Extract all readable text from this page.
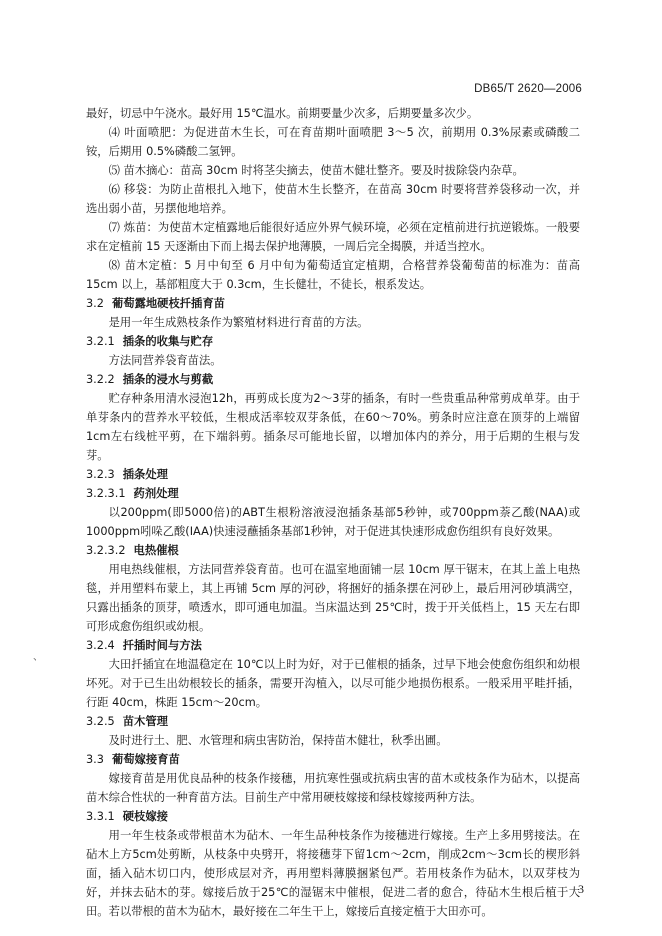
DB65/T 2620—2006
、

最好，切忌中午浇水。最好用 15℃温水。前期要量少次多，后期要量多次少。

⑷ 叶面喷肥：为促进苗木生长，可在育苗期叶面喷肥 3～5 次，前期用 0.3%尿素或磷酸二铵，后期用 0.5%磷酸二氢钾。

⑸ 苗木摘心：苗高 30cm 时将茎尖摘去，使苗木健壮整齐。要及时拔除袋内杂草。

⑹ 移袋：为防止苗根扎入地下，使苗木生长整齐，在苗高 30cm 时要将营养袋移动一次，并选出弱小苗，另摆他地培养。

⑺ 炼苗：为使苗木定植露地后能很好适应外界气候环境，必须在定植前进行抗逆锻炼。一般要求在定植前 15 天逐渐由下而上揭去保护地薄膜，一周后完全揭膜，并适当控水。

⑻ 苗木定植：5 月中旬至 6 月中旬为葡萄适宜定植期，合格营养袋葡萄苗的标准为：苗高 15cm 以上，基部粗度大于 0.3cm，生长健壮，不徒长，根系发达。

3.2 葡萄露地硬枝扦插育苗

是用一年生成熟枝条作为繁殖材料进行育苗的方法。

3.2.1 插条的收集与贮存

方法同营养袋育苗法。

3.2.2 插条的浸水与剪截

贮存种条用清水浸泡12h，再剪成长度为2～3芽的插条，有时一些贵重品种常剪成单芽。由于单芽条内的营养水平较低，生根成活率较双芽条低，在60～70%。剪条时应注意在顶芽的上端留1cm左右线桩平剪，在下端斜剪。插条尽可能地长留，以增加体内的养分，用于后期的生根与发芽。

3.2.3 插条处理
3.2.3.1 药剂处理

以200ppm(即5000倍)的ABT生根粉溶液浸泡插条基部5秒钟，或700ppm萘乙酸(NAA)或1000ppm吲哚乙酸(IAA)快速浸蘸插条基部1秒钟，对于促进其快速形成愈伤组织有良好效果。

3.2.3.2 电热催根

用电热线催根，方法同营养袋育苗。也可在温室地面铺一层 10cm 厚干锯末，在其上盖上电热毯，并用塑料布蒙上，其上再铺 5cm 厚的河砂，将捆好的插条摆在河砂上，最后用河砂填满空，只露出插条的顶芽，喷透水，即可通电加温。当床温达到 25℃时，拨于开关低档上，15 天左右即可形成愈伤组织或幼根。

3.2.4 扦插时间与方法

大田扦插宜在地温稳定在 10℃以上时为好，对于已催根的插条，过早下地会使愈伤组织和幼根坏死。对于已生出幼根较长的插条，需要开沟植入，以尽可能少地损伤根系。一般采用平畦扦插，行距 40cm，株距 15cm～20cm。

3.2.5 苗木管理

及时进行土、肥、水管理和病虫害防治，保持苗木健壮，秋季出圃。

3.3 葡萄嫁接育苗

嫁接育苗是用优良品种的枝条作接穗，用抗寒性强或抗病虫害的苗木或枝条作为砧木，以提高苗木综合性状的一种育苗方法。目前生产中常用硬枝嫁接和绿枝嫁接两种方法。

3.3.1 硬枝嫁接

用一年生枝条或带根苗木为砧木、一年生品种枝条作为接穗进行嫁接。生产上多用劈接法。在砧木上方5cm处剪断，从枝条中央劈开，将接穗芽下留1cm～2cm，削成2cm～3cm长的楔形斜面，插入砧木切口内，使形成层对齐，再用塑料薄膜捆紧包严。若用枝条作为砧木，以双芽枝为好，并抹去砧木的芽。嫁接后放于25℃的湿锯末中催根，促进二者的愈合，待砧木生根后植于大田。若以带根的苗木为砧木，最好接在二年生干上，嫁接后直接定植于大田亦可。

3
